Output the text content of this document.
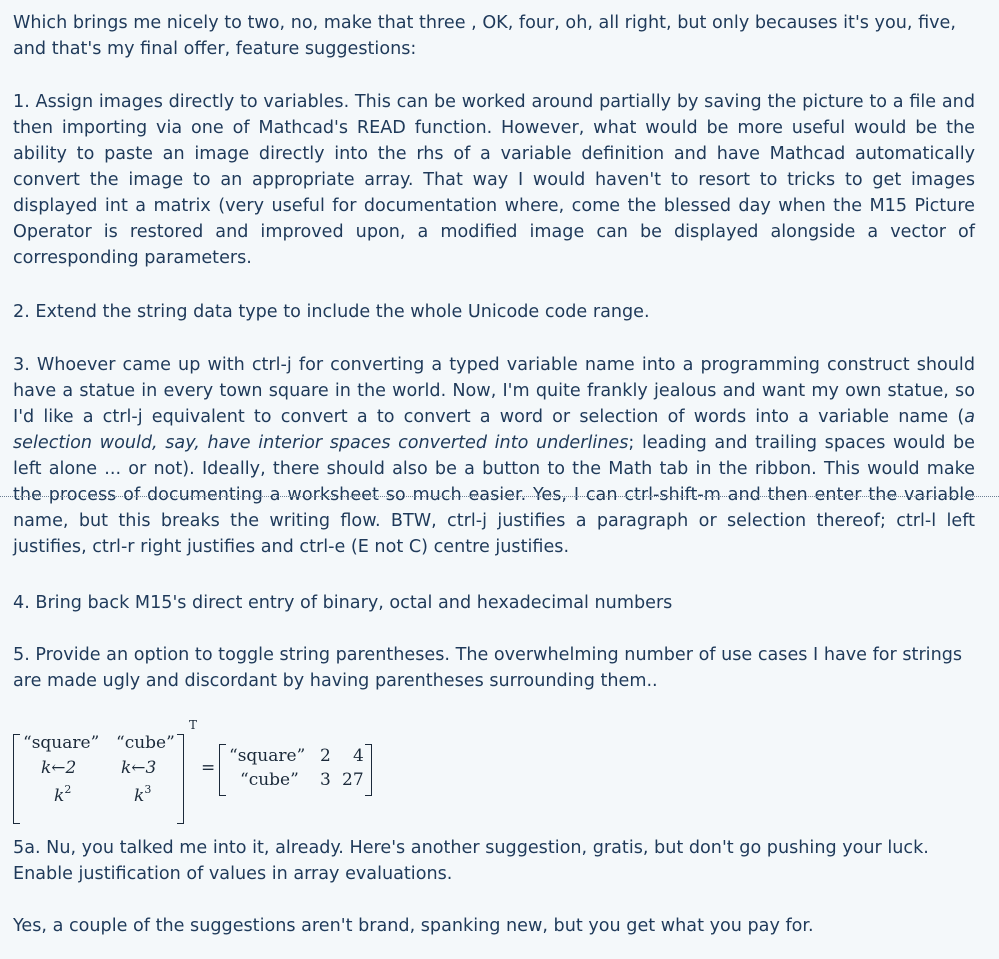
Which brings me nicely to two, no, make that three , OK, four, oh, all right, but only becauses it's you, five, and that's my final offer, feature suggestions:

1. Assign images directly to variables. This can be worked around partially by saving the picture to a file and then importing via one of Mathcad's READ function. However, what would be more useful would be the ability to paste an image directly into the rhs of a variable definition and have Mathcad automatically convert the image to an appropriate array. That way I would haven't to resort to tricks to get images displayed int a matrix (very useful for documentation where, come the blessed day when the M15 Picture Operator is restored and improved upon, a modified image can be displayed alongside a vector of corresponding parameters.

2. Extend the string data type to include the whole Unicode code range.

3. Whoever came up with ctrl-j for converting a typed variable name into a programming construct should have a statue in every town square in the world. Now, I'm quite frankly jealous and want my own statue, so I'd like a ctrl-j equivalent to convert a to convert a word or selection of words into a variable name (a selection would, say, have interior spaces converted into underlines; leading and trailing spaces would be left alone ... or not). Ideally, there should also be a button to the Math tab in the ribbon. This would make the process of documenting a worksheet so much easier. Yes, I can ctrl-shift-m and then enter the variable name, but this breaks the writing flow. BTW, ctrl-j justifies a paragraph or selection thereof; ctrl-l left justifies, ctrl-r right justifies and ctrl-e (E not C) centre justifies.

4. Bring back M15's direct entry of binary, octal and hexadecimal numbers

5. Provide an option to toggle string parentheses. The overwhelming number of use cases I have for strings are made ugly and discordant by having parentheses surrounding them..

“square” “cube”
k←2	k←3
$k^2$	$k^3$
T
=
“square” 2 4
“cube” 3 27

5a. Nu, you talked me into it, already. Here's another suggestion, gratis, but don't go pushing your luck. Enable justification of values in array evaluations.

Yes, a couple of the suggestions aren't brand, spanking new, but you get what you pay for.
